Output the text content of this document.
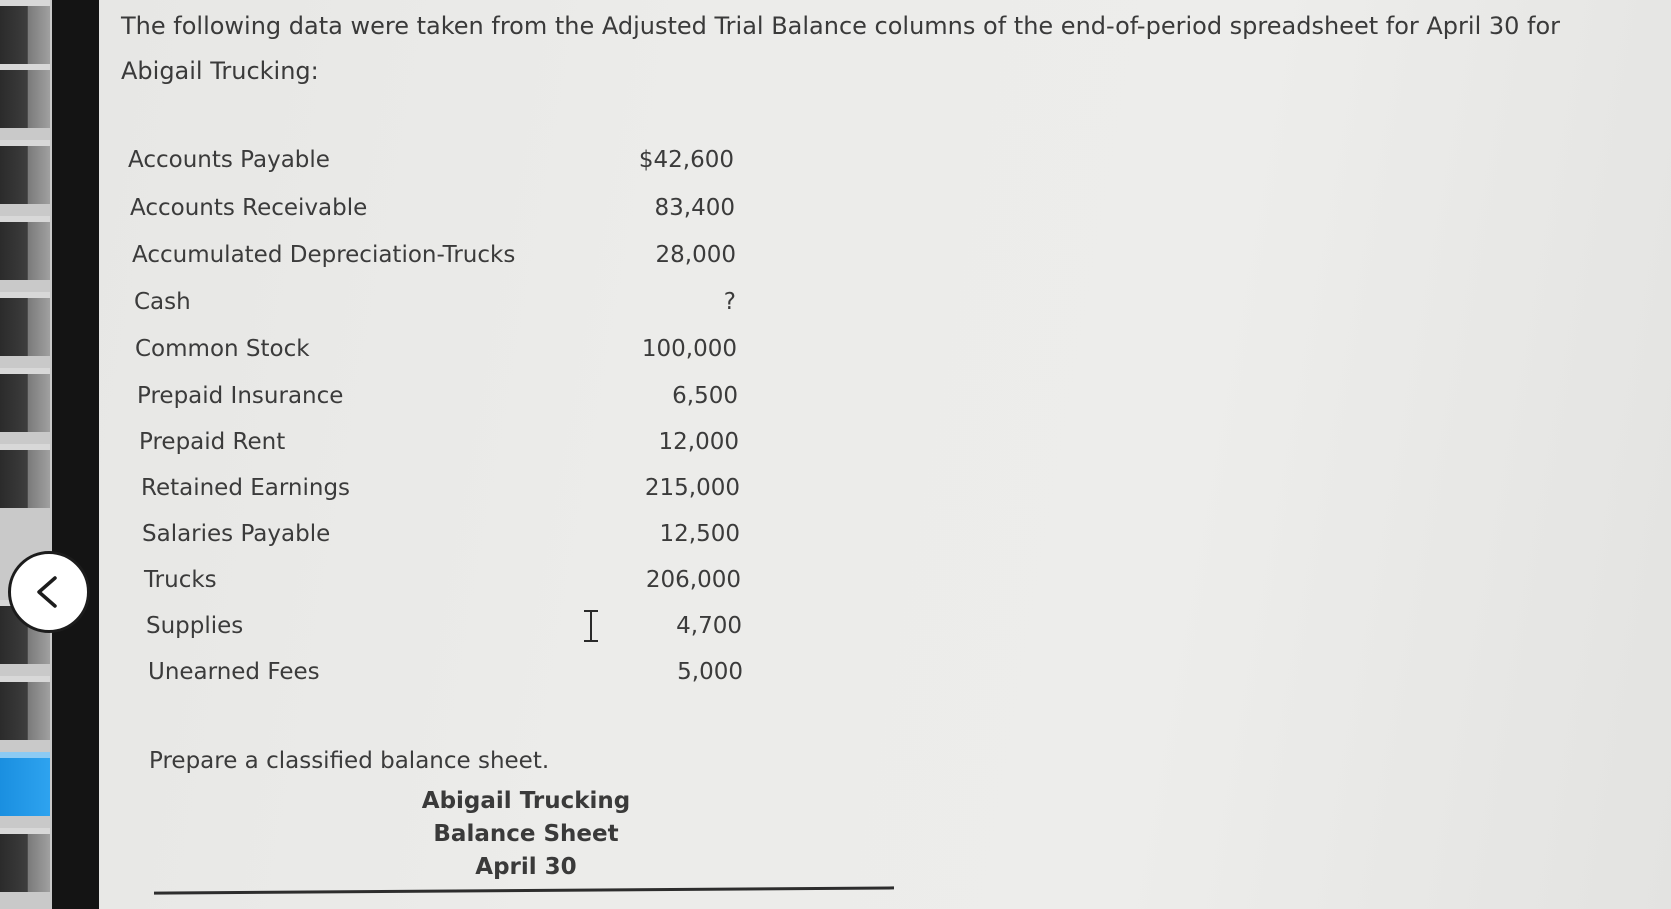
The following data were taken from the Adjusted Trial Balance columns of the end-of-period spreadsheet for April 30 for Abigail Trucking:
Accounts Payable	$42,600
Accounts Receivable	83,400
Accumulated Depreciation-Trucks	28,000
Cash	?
Common Stock	100,000
Prepaid Insurance	6,500
Prepaid Rent	12,000
Retained Earnings	215,000
Salaries Payable	12,500
Trucks	206,000
Supplies	4,700
Unearned Fees	5,000
Prepare a classified balance sheet.
Abigail Trucking
Balance Sheet
April 30
